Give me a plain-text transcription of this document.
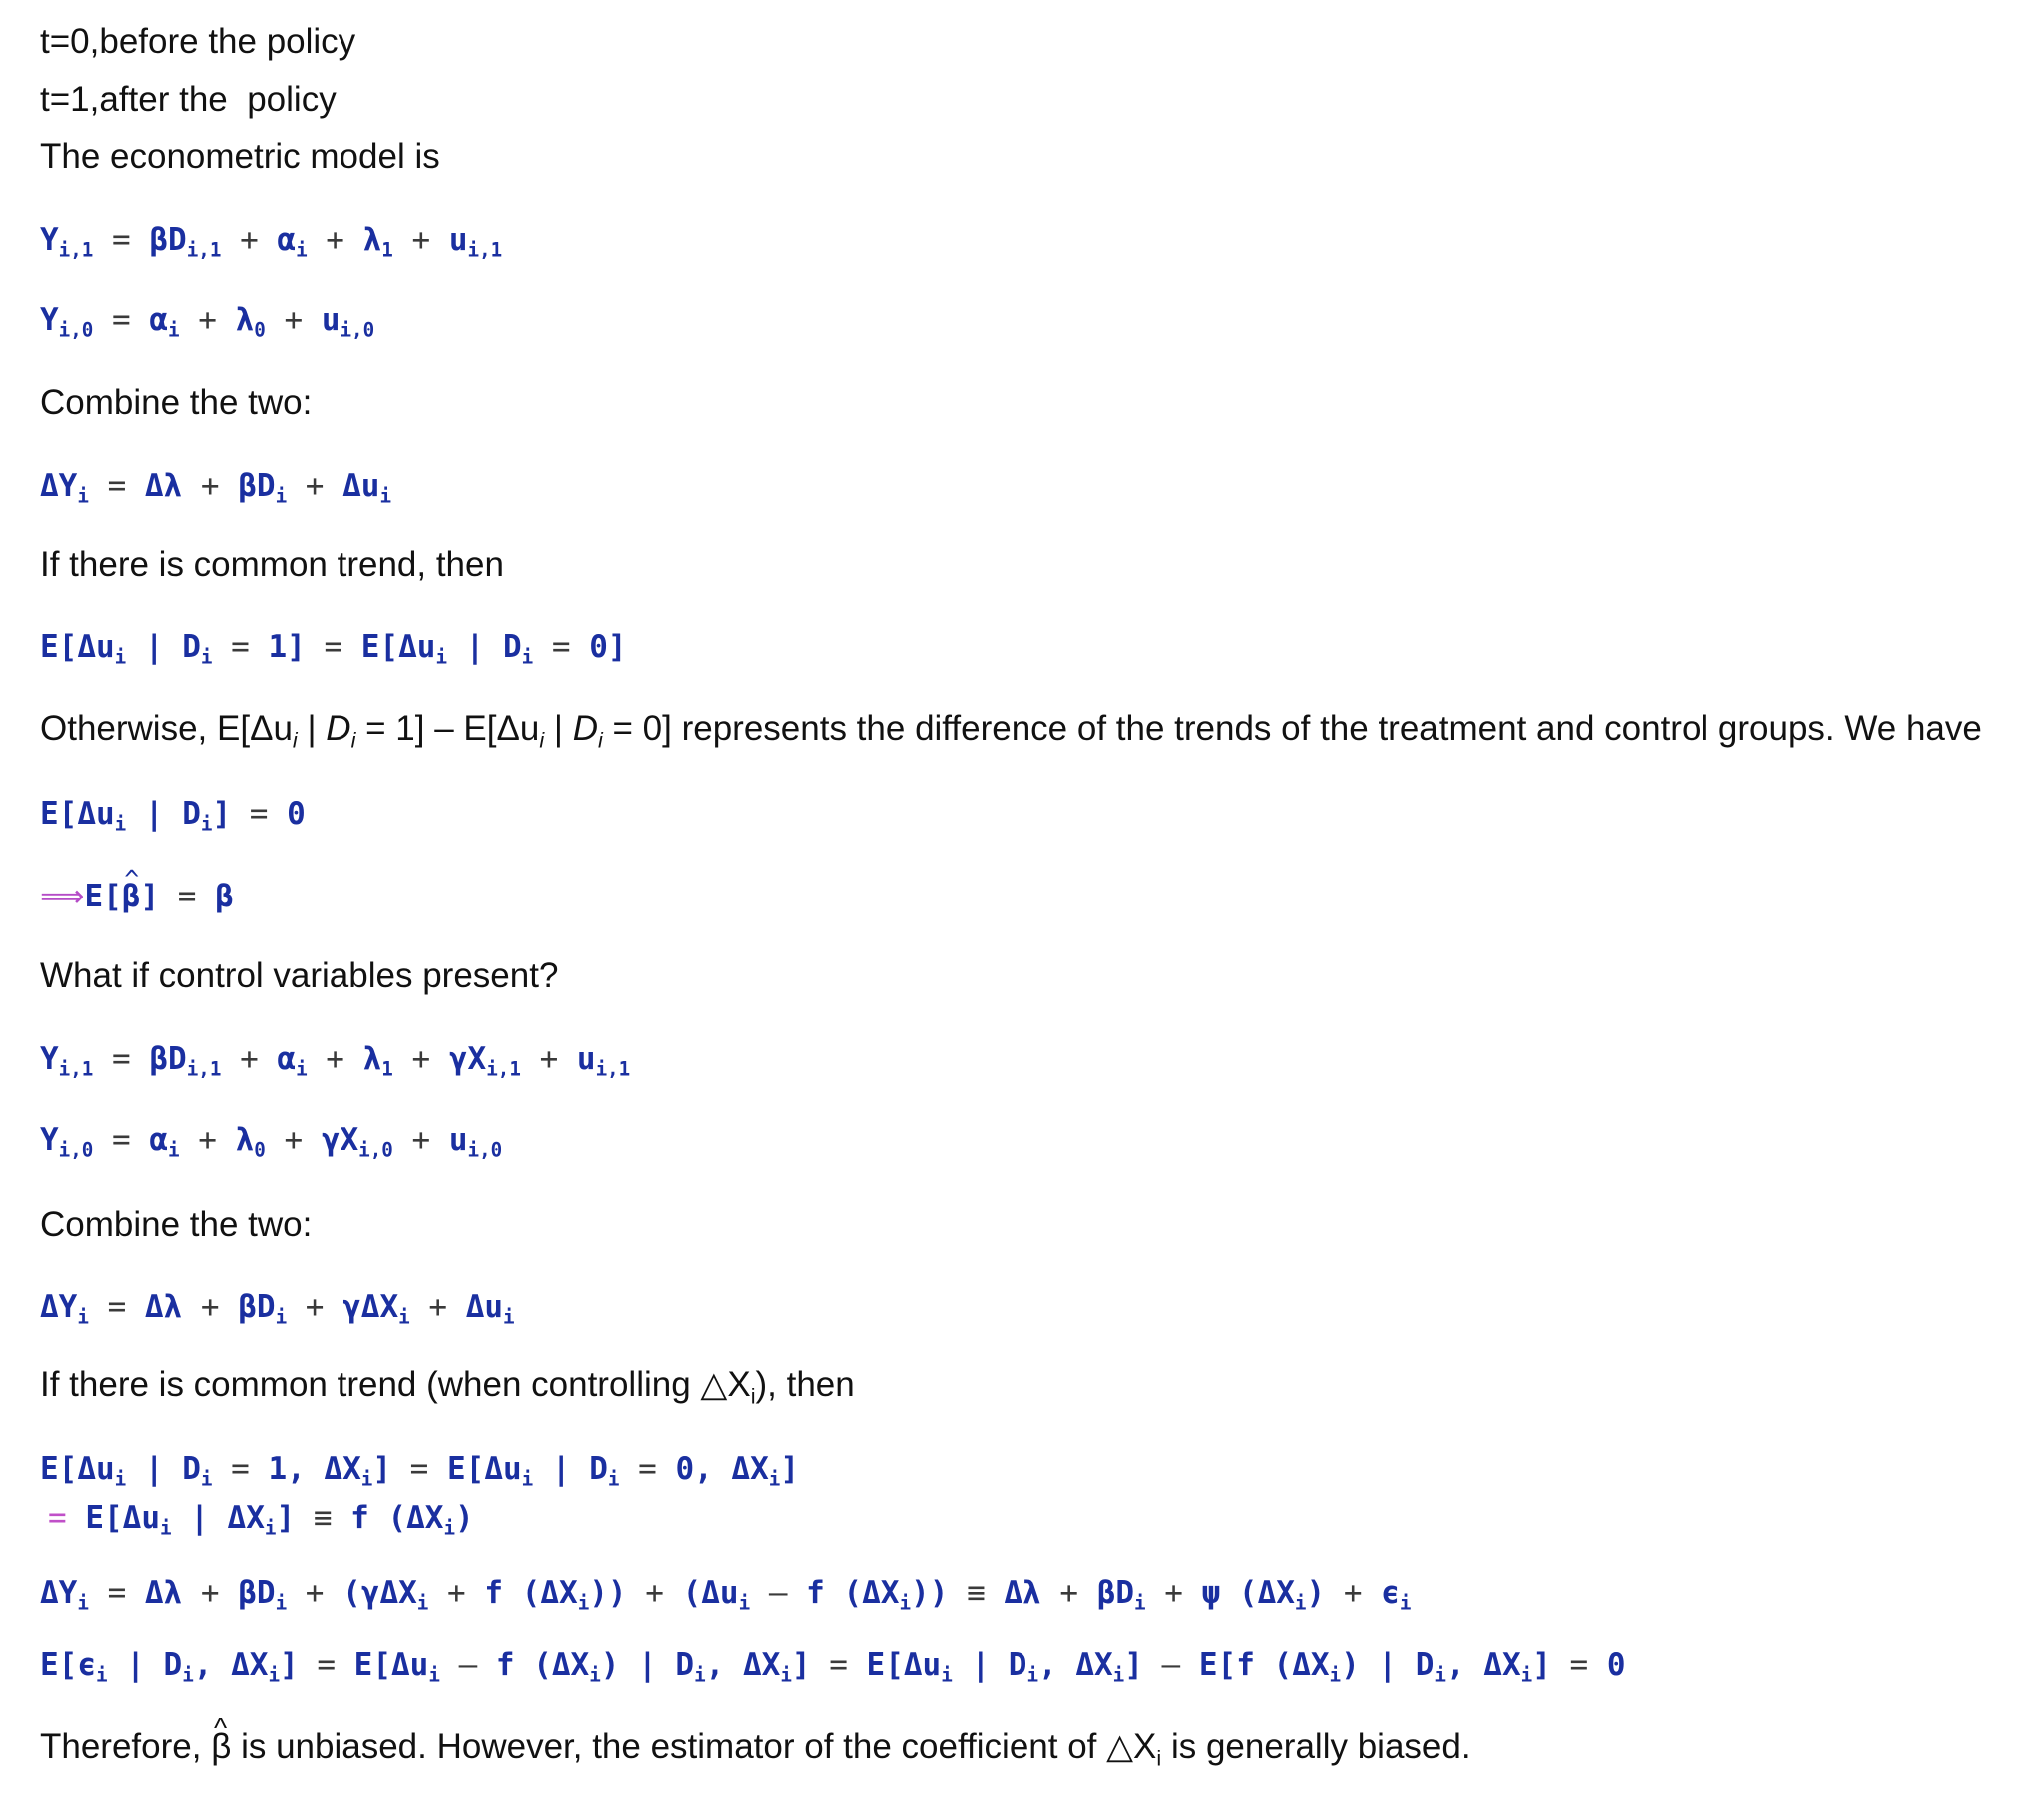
t=0,before the policy
t=1,after the  policy
The econometric model is
$Y_{i,1} = \beta D_{i,1} + \alpha_i + \lambda_1 + u_{i,1}$
$Y_{i,0} = \alpha_i + \lambda_0 + u_{i,0}$
Combine the two:
$\Delta Y_i = \Delta\lambda + \beta D_i + \Delta u_i$
If there is common trend, then
$E[\Delta u_i$ | $D_i = 1] = E[\Delta u_i$ | $D_i = 0$]
Otherwise, $E[\Delta u_i$ | $D_i = 1] - E[\Delta u_i$ | $D_i = 0$] represents the difference of the trends of the treatment and control groups. We have
$E[\Delta u_i$ | $D_i] = 0$
⟹E[^ β] = β
What if control variables present?
$Y_{i,1} = \beta D_{i,1} + \alpha_i + \lambda_1 + \gamma X_{i,1} + u_{i,1}$
$Y_{i,0} = \alpha_i + \lambda_0 + \gamma X_{i,0} + u_{i,0}$
Combine the two:
$\Delta Y_i = \Delta\lambda + \beta D_i + \gamma\Delta X_i + \Delta u_i$
If there is common trend (when controlling $\triangle X_i$), then
$E[\Delta u_i$ | $D_i = 1$, $\Delta X_i] = E[\Delta u_i$ | $D_i = 0$, $\Delta X_i$]
= $E[\Delta u_i$ | $\Delta X_i] \equiv f$ $(\Delta X_i)$
$\Delta Y_i = \Delta\lambda + \beta D_i + (\gamma\Delta X_i + f$ $(\Delta X_i)) + (\Delta u_i - f$ $(\Delta X_i)) \equiv \Delta\lambda + \beta D_i + \psi$ $(\Delta X_i) + \epsilon_i$
$E[\epsilon_i$ | $D_i$, $\Delta X_i] = E[\Delta u_i - f$ $(\Delta X_i)$ | $D_i$, $\Delta X_i] = E[\Delta u_i$ | $D_i$, $\Delta X_i] - E[f$ $(\Delta X_i)$ | $D_i$, $\Delta X_i] = 0$
Therefore, ^ β is unbiased. However, the estimator of the coefficient of $\triangle X_i$ is generally biased.
